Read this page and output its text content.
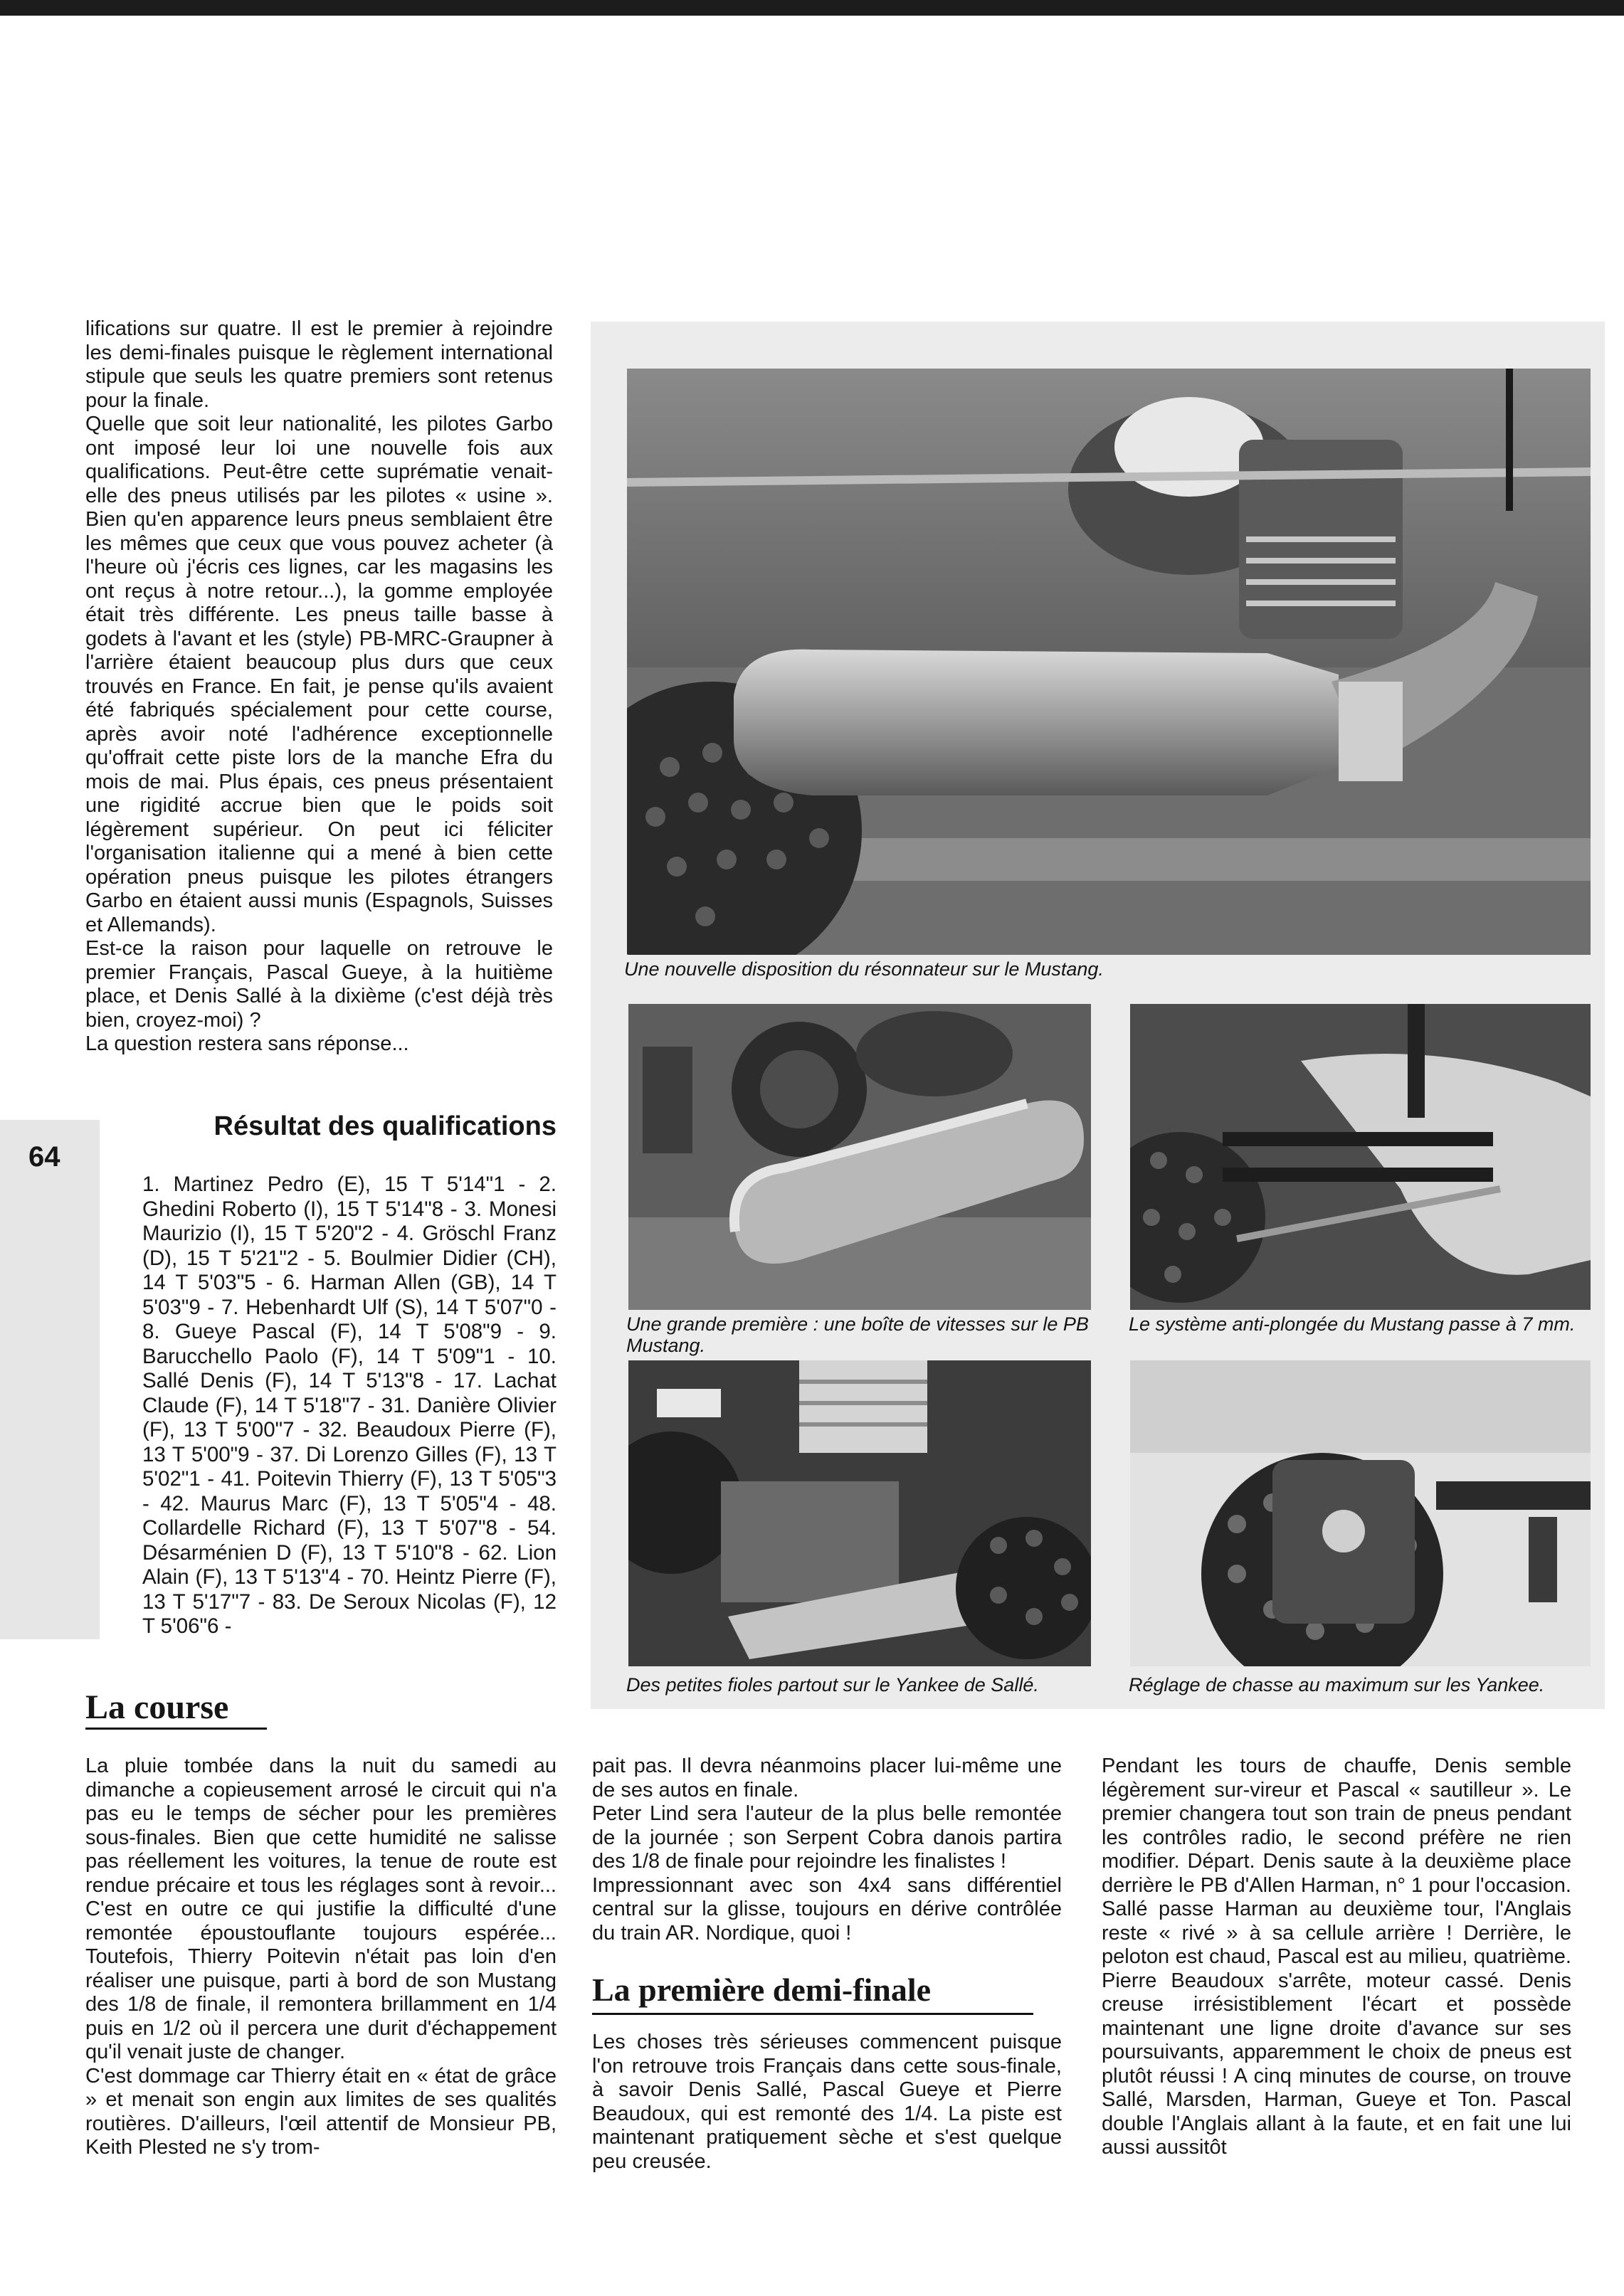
lifications sur quatre. Il est le premier à rejoindre les demi-finales puisque le règlement international stipule que seuls les quatre premiers sont retenus pour la finale.

Quelle que soit leur nationalité, les pilotes Garbo ont imposé leur loi une nouvelle fois aux qualifications. Peut-être cette suprématie venait-elle des pneus utilisés par les pilotes « usine ». Bien qu'en apparence leurs pneus semblaient être les mêmes que ceux que vous pouvez acheter (à l'heure où j'écris ces lignes, car les magasins les ont reçus à notre retour...), la gomme employée était très différente. Les pneus taille basse à godets à l'avant et les (style) PB-MRC-Graupner à l'arrière étaient beaucoup plus durs que ceux trouvés en France. En fait, je pense qu'ils avaient été fabriqués spécialement pour cette course, après avoir noté l'adhérence exceptionnelle qu'offrait cette piste lors de la manche Efra du mois de mai. Plus épais, ces pneus présentaient une rigidité accrue bien que le poids soit légèrement supérieur. On peut ici féliciter l'organisation italienne qui a mené à bien cette opération pneus puisque les pilotes étrangers Garbo en étaient aussi munis (Espagnols, Suisses et Allemands).

Est-ce la raison pour laquelle on retrouve le premier Français, Pascal Gueye, à la huitième place, et Denis Sallé à la dixième (c'est déjà très bien, croyez-moi) ?

La question restera sans réponse...

64
Résultat des qualifications

1. Martinez Pedro (E), 15 T 5'14"1 - 2. Ghedini Roberto (I), 15 T 5'14"8 - 3. Monesi Maurizio (I), 15 T 5'20"2 - 4. Gröschl Franz (D), 15 T 5'21"2 - 5. Boulmier Didier (CH), 14 T 5'03"5 - 6. Harman Allen (GB), 14 T 5'03"9 - 7. Hebenhardt Ulf (S), 14 T 5'07"0 - 8. Gueye Pascal (F), 14 T 5'08"9 - 9. Barucchello Paolo (F), 14 T 5'09"1 - 10. Sallé Denis (F), 14 T 5'13"8 - 17. Lachat Claude (F), 14 T 5'18"7 - 31. Danière Olivier (F), 13 T 5'00"7 - 32. Beaudoux Pierre (F), 13 T 5'00"9 - 37. Di Lorenzo Gilles (F), 13 T 5'02"1 - 41. Poitevin Thierry (F), 13 T 5'05"3 - 42. Maurus Marc (F), 13 T 5'05"4 - 48. Collardelle Richard (F), 13 T 5'07"8 - 54. Désarménien D (F), 13 T 5'10"8 - 62. Lion Alain (F), 13 T 5'13"4 - 70. Heintz Pierre (F), 13 T 5'17"7 - 83. De Seroux Nicolas (F), 12 T 5'06"6 -

Une nouvelle disposition du résonnateur sur le Mustang.
Une grande première : une boîte de vitesses sur le PB Mustang.
Le système anti-plongée du Mustang passe à 7 mm.
Des petites fioles partout sur le Yankee de Sallé.	Réglage de chasse au maximum sur les Yankee.
La course

La pluie tombée dans la nuit du samedi au dimanche a copieusement arrosé le circuit qui n'a pas eu le temps de sécher pour les premières sous-finales. Bien que cette humidité ne salisse pas réellement les voitures, la tenue de route est rendue précaire et tous les réglages sont à revoir... C'est en outre ce qui justifie la difficulté d'une remontée époustouflante toujours espérée... Toutefois, Thierry Poitevin n'était pas loin d'en réaliser une puisque, parti à bord de son Mustang des 1/8 de finale, il remontera brillamment en 1/4 puis en 1/2 où il percera une durit d'échappement qu'il venait juste de changer.

C'est dommage car Thierry était en « état de grâce » et menait son engin aux limites de ses qualités routières. D'ailleurs, l'œil attentif de Monsieur PB, Keith Plested ne s'y trom-

pait pas. Il devra néanmoins placer lui-même une de ses autos en finale.

Peter Lind sera l'auteur de la plus belle remontée de la journée ; son Serpent Cobra danois partira des 1/8 de finale pour rejoindre les finalistes !

Impressionnant avec son 4x4 sans différentiel central sur la glisse, toujours en dérive contrôlée du train AR. Nordique, quoi !

La première demi-finale

Les choses très sérieuses commencent puisque l'on retrouve trois Français dans cette sous-finale, à savoir Denis Sallé, Pascal Gueye et Pierre Beaudoux, qui est remonté des 1/4. La piste est maintenant pratiquement sèche et s'est quelque peu creusée.

Pendant les tours de chauffe, Denis semble légèrement sur-vireur et Pascal « sautilleur ». Le premier changera tout son train de pneus pendant les contrôles radio, le second préfère ne rien modifier. Départ. Denis saute à la deuxième place derrière le PB d'Allen Harman, n° 1 pour l'occasion. Sallé passe Harman au deuxième tour, l'Anglais reste « rivé » à sa cellule arrière ! Derrière, le peloton est chaud, Pascal est au milieu, quatrième. Pierre Beaudoux s'arrête, moteur cassé. Denis creuse irrésistiblement l'écart et possède maintenant une ligne droite d'avance sur ses poursuivants, apparemment le choix de pneus est plutôt réussi ! A cinq minutes de course, on trouve Sallé, Marsden, Harman, Gueye et Ton. Pascal double l'Anglais allant à la faute, et en fait une lui aussi aussitôt
